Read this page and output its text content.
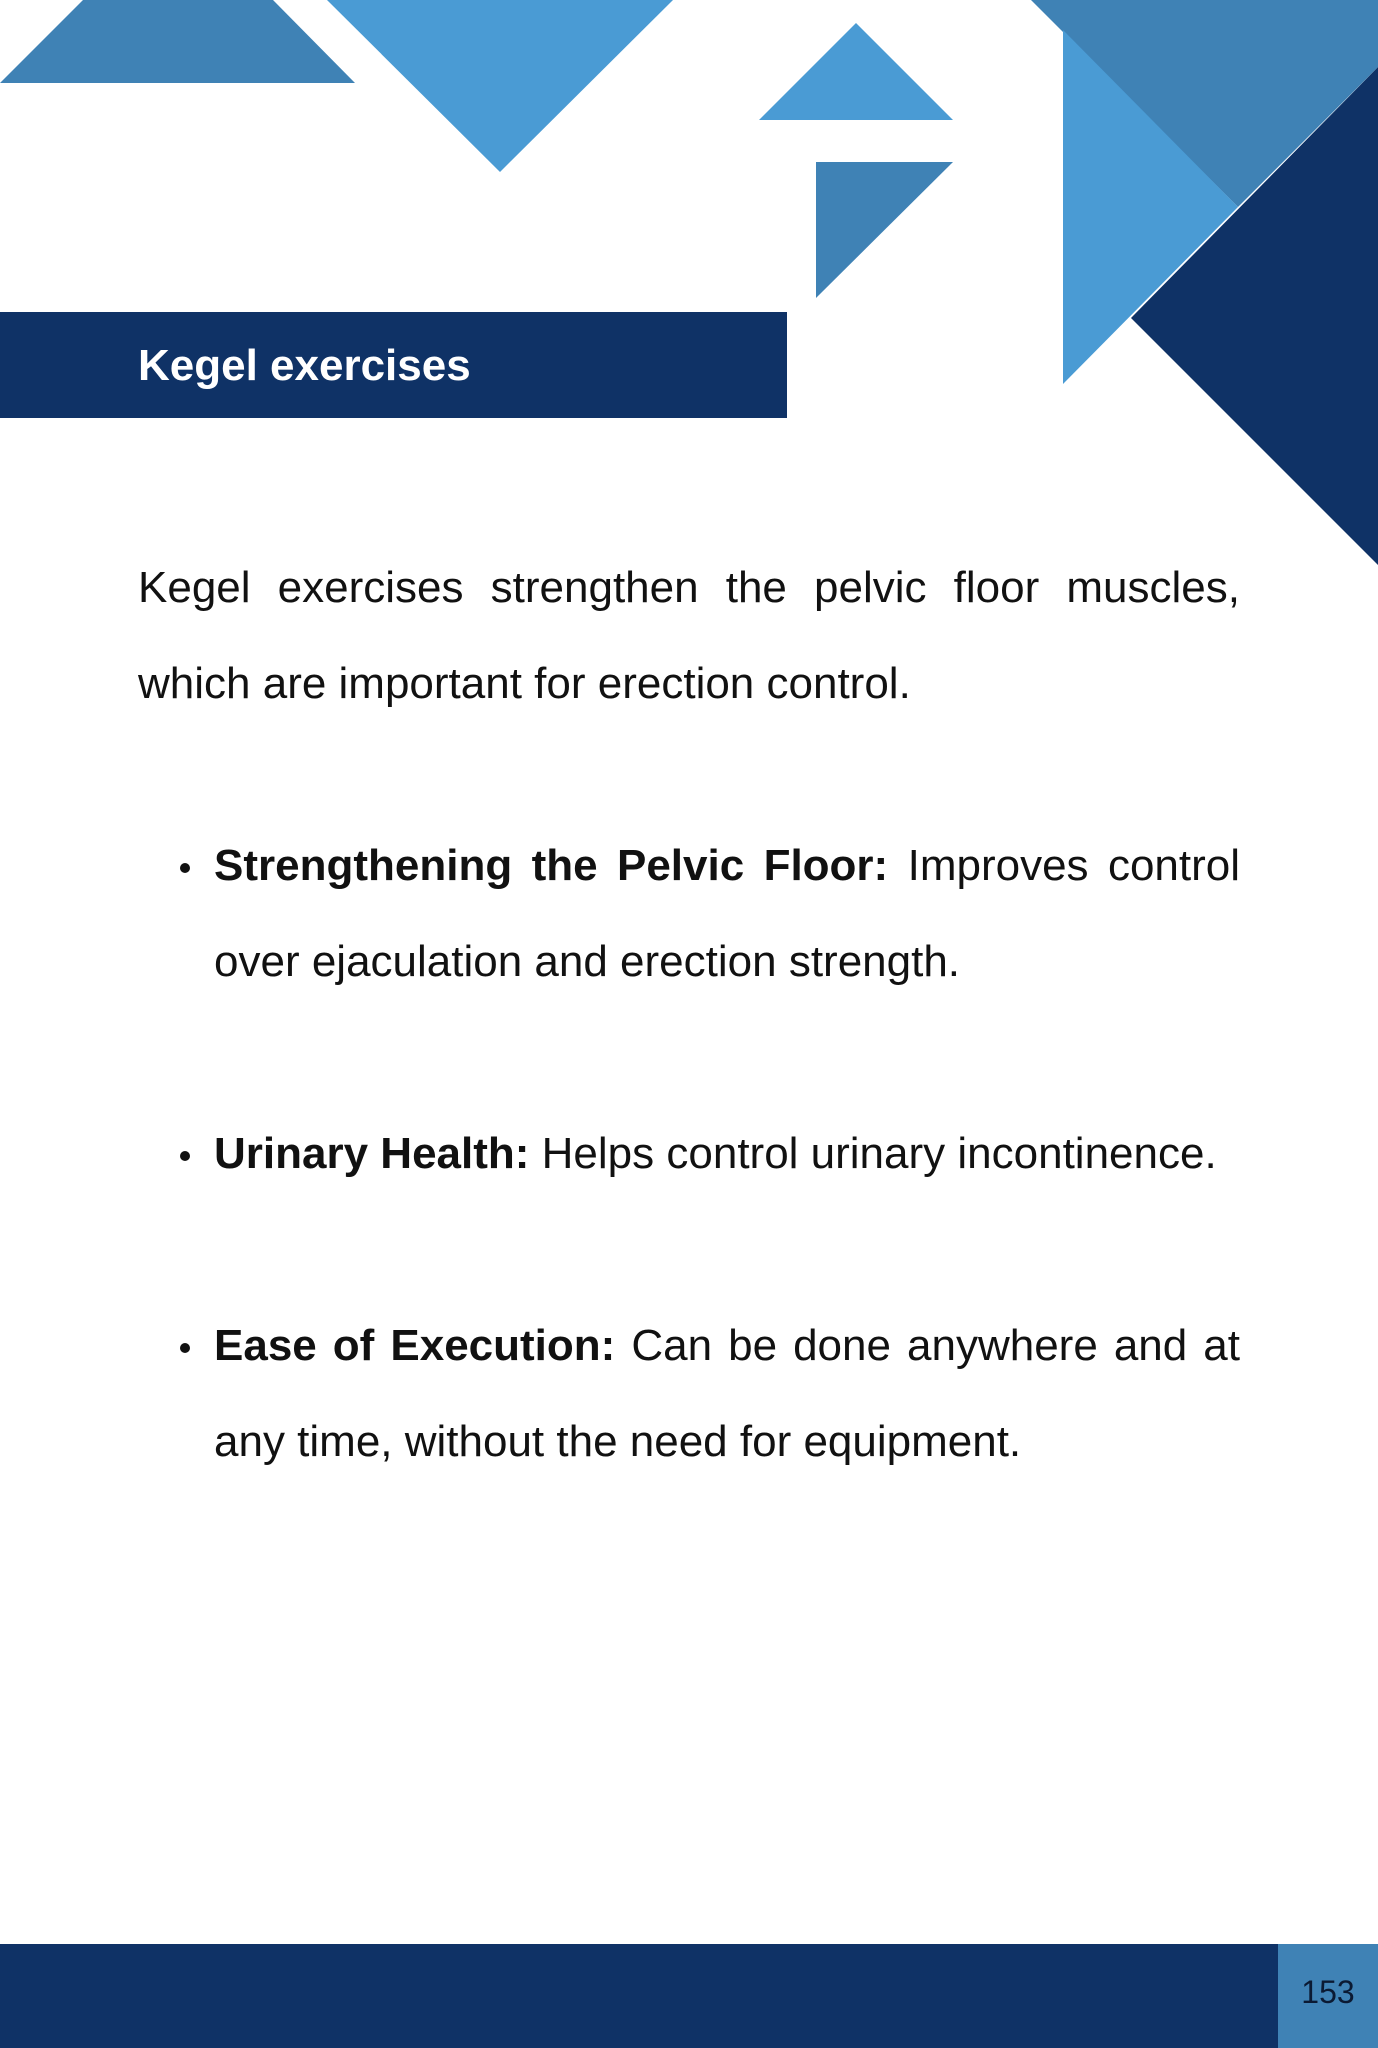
Kegel exercises

Kegel exercises strengthen the pelvic floor muscles, which are important for erection control.

Strengthening the Pelvic Floor: Improves control over ejaculation and erection strength.
Urinary Health: Helps control urinary incontinence.
Ease of Execution: Can be done anywhere and at any time, without the need for equipment.
153
